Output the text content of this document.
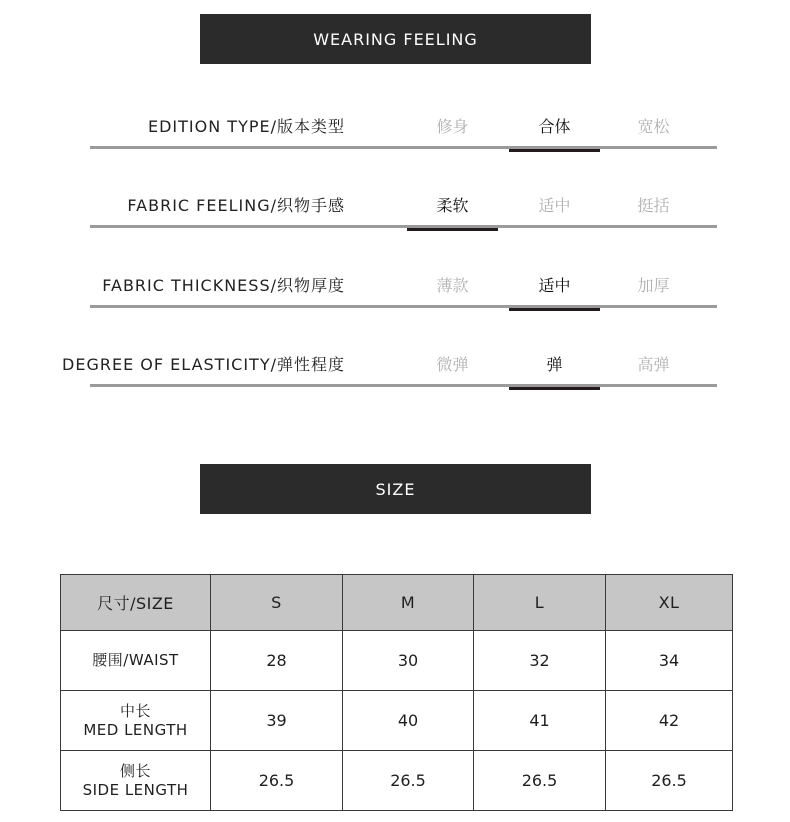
WEARING FEELING
EDITION TYPE/版本类型	修身	合体	宽松
FABRIC FEELING/织物手感	柔软	适中	挺括
FABRIC THICKNESS/织物厚度	薄款	适中	加厚
DEGREE OF ELASTICITY/弹性程度	微弹	弹	高弹
SIZE
尺寸/SIZE	S	M	L	XL

腰围/WAIST	28	30	32	34

中长
MED LENGTH	39	40	41	42

侧长
SIDE LENGTH	26.5	26.5	26.5	26.5
